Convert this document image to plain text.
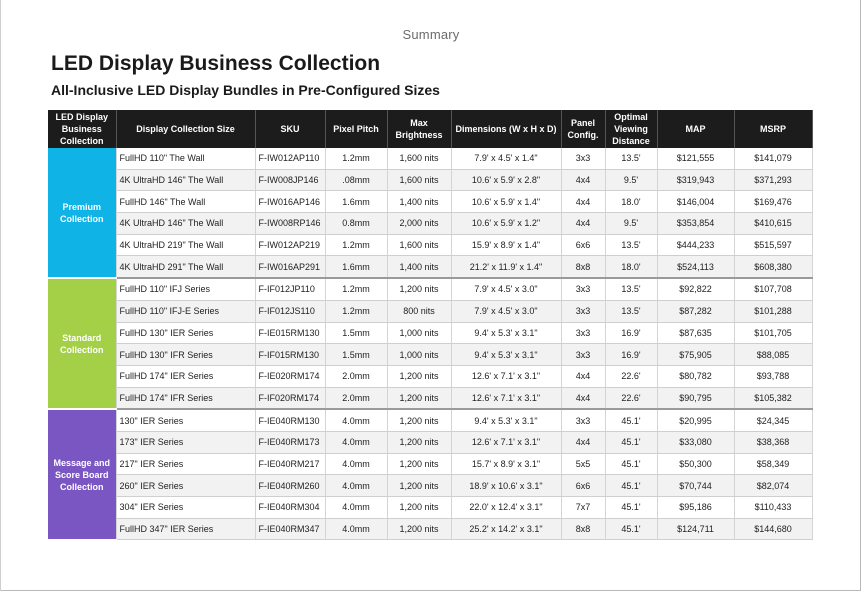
Summary
LED Display Business Collection
All-Inclusive LED Display Bundles in Pre-Configured Sizes
LED Display Business Collection	Display Collection Size	SKU	Pixel Pitch	Max Brightness	Dimensions (W x H x D)	Panel Config.	Optimal Viewing Distance	MAP	MSRP
Premium Collection	FullHD 110" The Wall	F-IW012AP110	1.2mm	1,600 nits	7.9' x 4.5' x 1.4"	3x3	13.5'	$121,555	$141,079
	4K UltraHD 146" The Wall	F-IW008JP146	.08mm	1,600 nits	10.6' x 5.9' x 2.8"	4x4	9.5'	$319,943	$371,293
	FullHD 146" The Wall	F-IW016AP146	1.6mm	1,400 nits	10.6' x 5.9' x 1.4"	4x4	18.0'	$146,004	$169,476
	4K UltraHD 146" The Wall	F-IW008RP146	0.8mm	2,000 nits	10.6' x 5.9' x 1.2"	4x4	9.5'	$353,854	$410,615
	4K UltraHD 219" The Wall	F-IW012AP219	1.2mm	1,600 nits	15.9' x 8.9' x 1.4"	6x6	13.5'	$444,233	$515,597
	4K UltraHD 291" The Wall	F-IW016AP291	1.6mm	1,400 nits	21.2' x 11.9' x 1.4"	8x8	18.0'	$524,113	$608,380
Standard Collection	FullHD 110" IFJ Series	F-IF012JP110	1.2mm	1,200 nits	7.9' x 4.5' x 3.0"	3x3	13.5'	$92,822	$107,708
	FullHD 110" IFJ-E Series	F-IF012JS110	1.2mm	800 nits	7.9' x 4.5' x 3.0"	3x3	13.5'	$87,282	$101,288
	FullHD 130" IER Series	F-IE015RM130	1.5mm	1,000 nits	9.4' x 5.3' x 3.1"	3x3	16.9'	$87,635	$101,705
	FullHD 130" IFR Series	F-IF015RM130	1.5mm	1,000 nits	9.4' x 5.3' x 3.1"	3x3	16.9'	$75,905	$88,085
	FullHD 174" IER Series	F-IE020RM174	2.0mm	1,200 nits	12.6' x 7.1' x 3.1"	4x4	22.6'	$80,782	$93,788
	FullHD 174" IFR Series	F-IF020RM174	2.0mm	1,200 nits	12.6' x 7.1' x 3.1"	4x4	22.6'	$90,795	$105,382
Message and Score Board Collection	130" IER Series	F-IE040RM130	4.0mm	1,200 nits	9.4' x 5.3' x 3.1"	3x3	45.1'	$20,995	$24,345
	173" IER Series	F-IE040RM173	4.0mm	1,200 nits	12.6' x 7.1' x 3.1"	4x4	45.1'	$33,080	$38,368
	217" IER Series	F-IE040RM217	4.0mm	1,200 nits	15.7' x 8.9' x 3.1"	5x5	45.1'	$50,300	$58,349
	260" IER Series	F-IE040RM260	4.0mm	1,200 nits	18.9' x 10.6' x 3.1"	6x6	45.1'	$70,744	$82,074
	304" IER Series	F-IE040RM304	4.0mm	1,200 nits	22.0' x 12.4' x 3.1"	7x7	45.1'	$95,186	$110,433
	FullHD 347" IER Series	F-IE040RM347	4.0mm	1,200 nits	25.2' x 14.2' x 3.1"	8x8	45.1'	$124,711	$144,680
